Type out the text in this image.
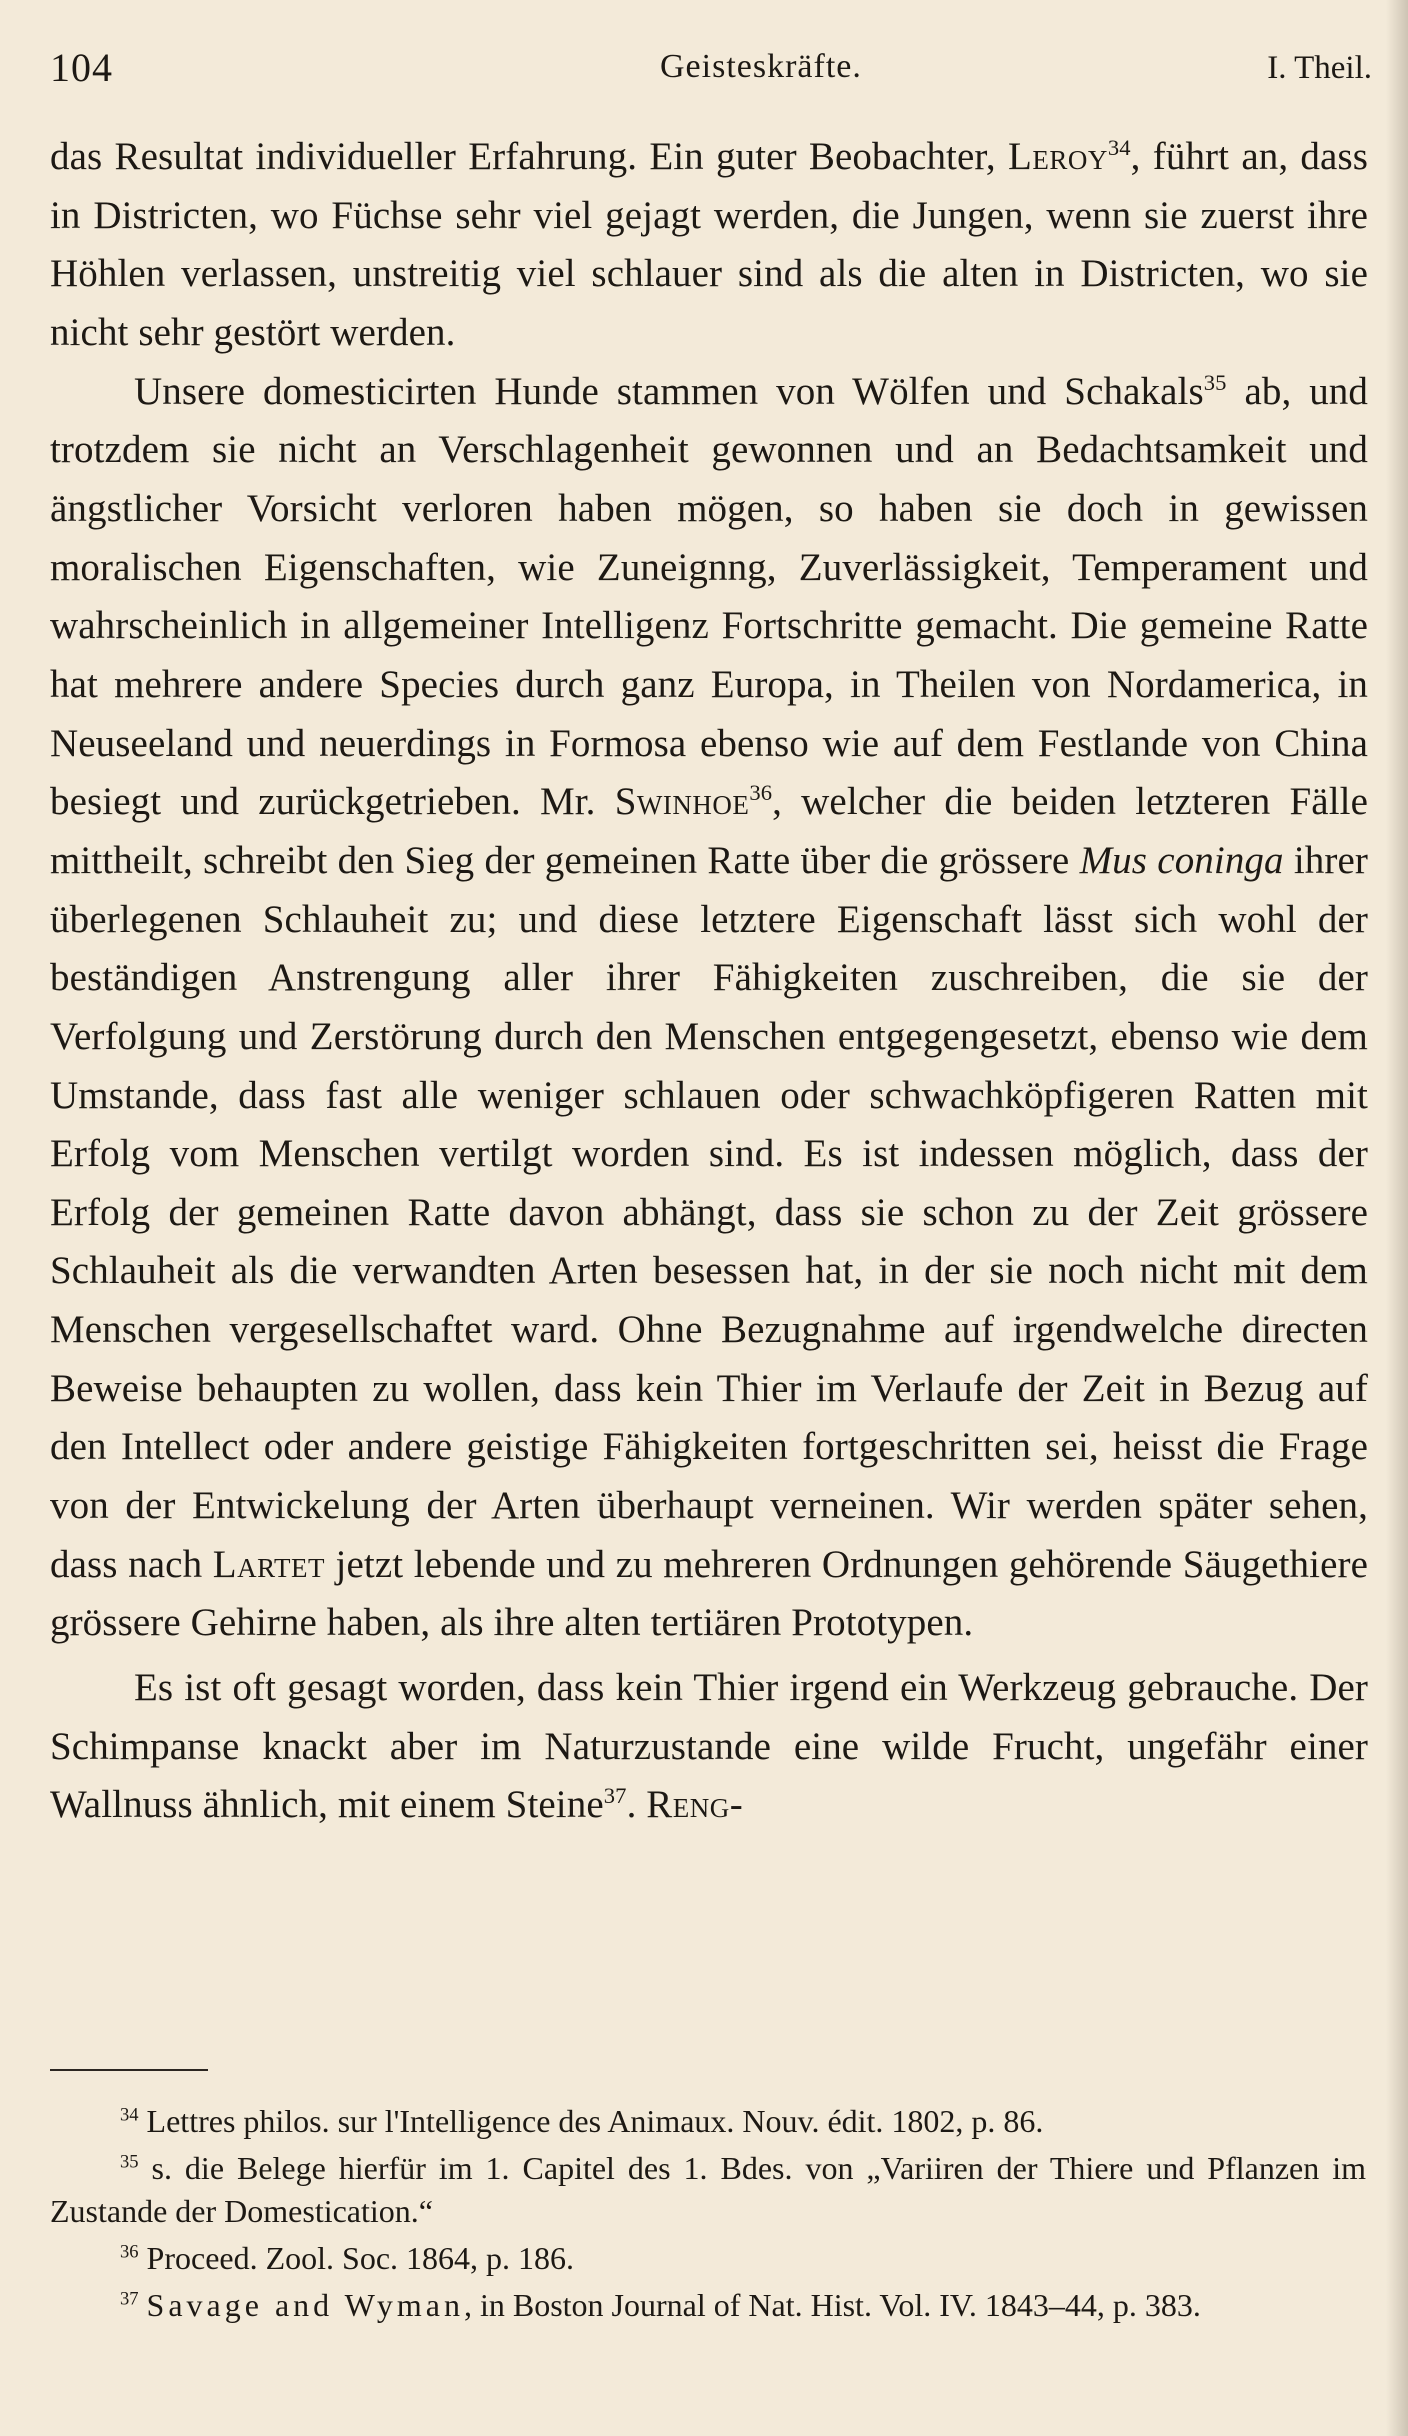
104	Geisteskräfte.	I. Theil.

das Resultat individueller Erfahrung. Ein guter Beobachter, Leroy$^{34}$, führt an, dass in Districten, wo Füchse sehr viel gejagt werden, die Jungen, wenn sie zuerst ihre Höhlen verlassen, unstreitig viel schlauer sind als die alten in Districten, wo sie nicht sehr gestört werden.

Unsere domesticirten Hunde stammen von Wölfen und Schakals$^{35}$ ab, und trotzdem sie nicht an Verschlagenheit gewonnen und an Bedachtsamkeit und ängstlicher Vorsicht verloren haben mögen, so haben sie doch in gewissen moralischen Eigenschaften, wie Zuneignng, Zuverlässigkeit, Temperament und wahrscheinlich in allgemeiner Intelligenz Fortschritte gemacht. Die gemeine Ratte hat mehrere andere Species durch ganz Europa, in Theilen von Nordamerica, in Neuseeland und neuerdings in Formosa ebenso wie auf dem Festlande von China besiegt und zurückgetrieben. Mr. Swinhoe$^{36}$, welcher die beiden letzteren Fälle mittheilt, schreibt den Sieg der gemeinen Ratte über die grössere Mus coninga ihrer überlegenen Schlauheit zu; und diese letztere Eigenschaft lässt sich wohl der beständigen Anstrengung aller ihrer Fähigkeiten zuschreiben, die sie der Verfolgung und Zerstörung durch den Menschen entgegengesetzt, ebenso wie dem Umstande, dass fast alle weniger schlauen oder schwachköpfigeren Ratten mit Erfolg vom Menschen vertilgt worden sind. Es ist indessen möglich, dass der Erfolg der gemeinen Ratte davon abhängt, dass sie schon zu der Zeit grössere Schlauheit als die verwandten Arten besessen hat, in der sie noch nicht mit dem Menschen vergesellschaftet ward. Ohne Bezugnahme auf irgendwelche directen Beweise behaupten zu wollen, dass kein Thier im Verlaufe der Zeit in Bezug auf den Intellect oder andere geistige Fähigkeiten fortgeschritten sei, heisst die Frage von der Entwickelung der Arten überhaupt verneinen. Wir werden später sehen, dass nach Lartet jetzt lebende und zu mehreren Ordnungen gehörende Säugethiere grössere Gehirne haben, als ihre alten tertiären Prototypen.

Es ist oft gesagt worden, dass kein Thier irgend ein Werkzeug gebrauche. Der Schimpanse knackt aber im Naturzustande eine wilde Frucht, ungefähr einer Wallnuss ähnlich, mit einem Steine$^{37}$. Reng-

$^{34}$ Lettres philos. sur l'Intelligence des Animaux. Nouv. édit. 1802, p. 86.

$^{35}$ s. die Belege hierfür im 1. Capitel des 1. Bdes. von „Variiren der Thiere und Pflanzen im Zustande der Domestication.“

$^{36}$ Proceed. Zool. Soc. 1864, p. 186.

$^{37}$ Savage and Wyman, in Boston Journal of Nat. Hist. Vol. IV. 1843–44, p. 383.
